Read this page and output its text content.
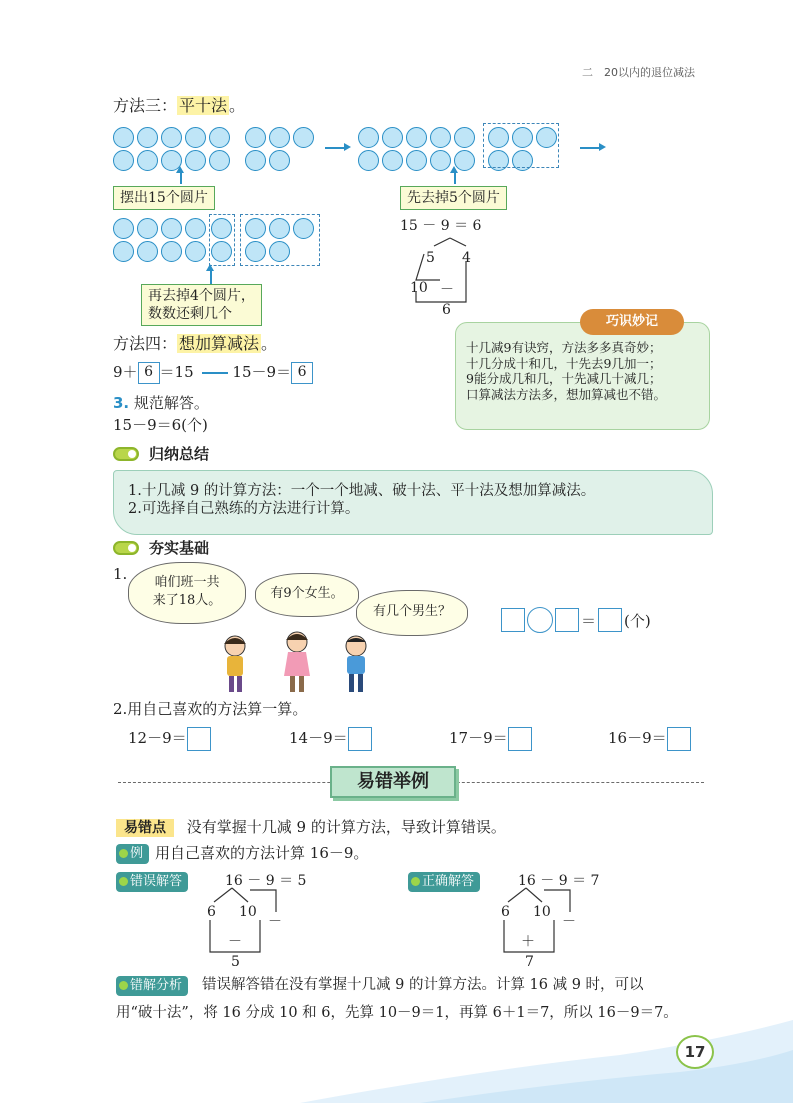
二　20以内的退位减法
方法三： 平十法 。
摆出15个圆片	先去掉5个圆片
再去掉4个圆片，
数数还剩几个
15 － 9 ＝ 6
5 4
10 －
6
方法四： 想加算减法 。
9＋ 6 ＝15	15－9＝ 6
巧识妙记
十几减9有诀窍，方法多多真奇妙；
十几分成十和几，十先去9几加一；
9能分成几和几，十先减几十减几；
口算减法方法多，想加算减也不错。
3. 规范解答。
15－9＝6(个)
归纳总结
1.十几减 9 的计算方法：一个一个地减、破十法、平十法及想加算减法。
2.可选择自己熟练的方法进行计算。
夯实基础
1.	咱们班一共
来了18人。	有9个女生。
有几个男生？	＝ (个)
2.用自己喜欢的方法算一算。
12－9＝	14－9＝	17－9＝	16－9＝
易错举例
易错点 没有掌握十几减 9 的计算方法，导致计算错误。
例 用自己喜欢的方法计算 16－9。
错误解答	16 － 9 ＝ 5
6 10
－
－
5
正确解答	16 － 9 ＝ 7
6 10
－
＋
7
错解分析	错误解答错在没有掌握十几减 9 的计算方法。计算 16 减 9 时，可以
用“破十法”，将 16 分成 10 和 6，先算 10－9＝1，再算 6＋1＝7，所以 16－9＝7。
17
